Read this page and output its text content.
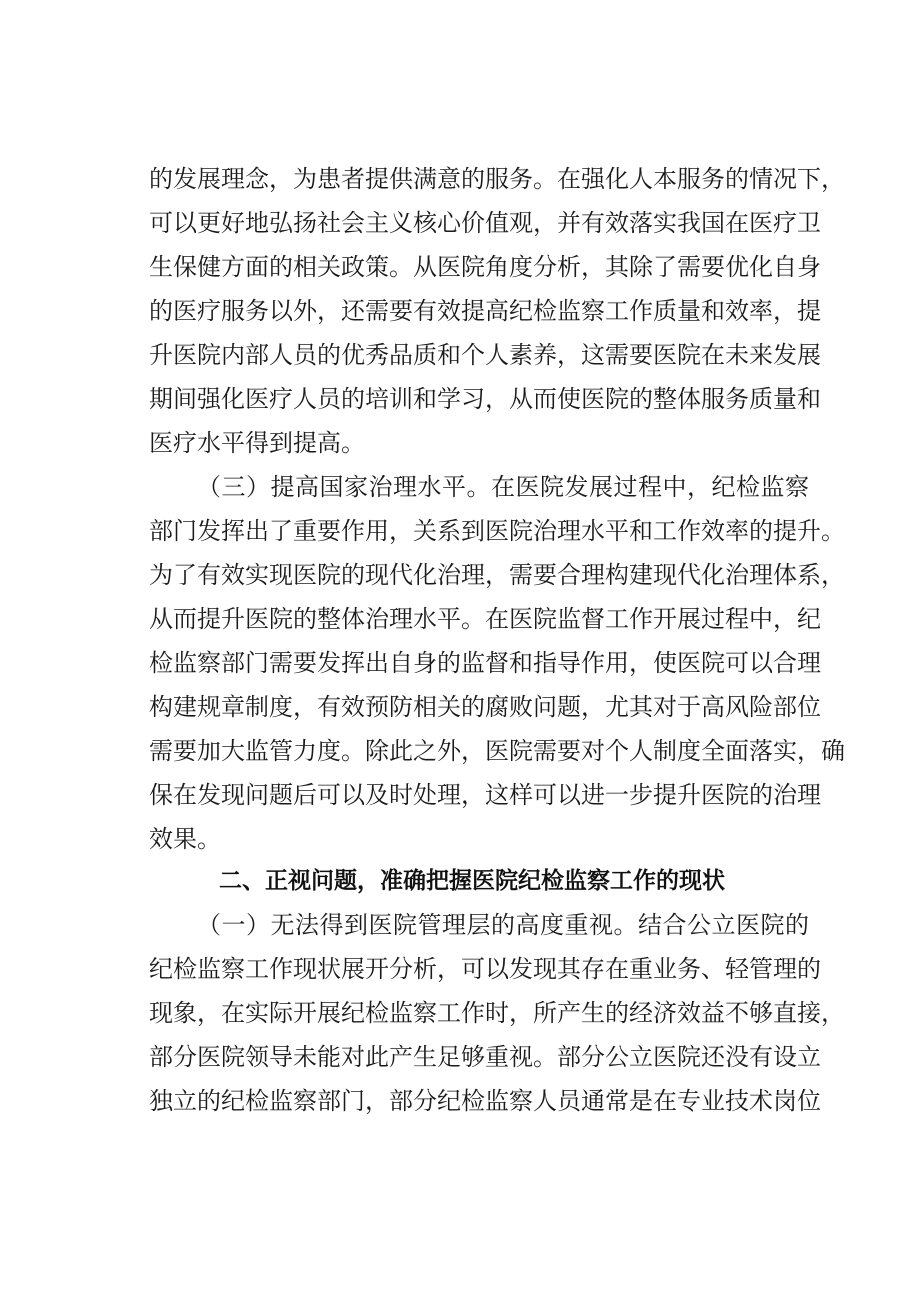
的发展理念，为患者提供满意的服务。在强化人本服务的情况下，
可以更好地弘扬社会主义核心价值观，并有效落实我国在医疗卫
生保健方面的相关政策。从医院角度分析，其除了需要优化自身
的医疗服务以外，还需要有效提高纪检监察工作质量和效率，提
升医院内部人员的优秀品质和个人素养，这需要医院在未来发展
期间强化医疗人员的培训和学习，从而使医院的整体服务质量和
医疗水平得到提高。
（三）提高国家治理水平。在医院发展过程中，纪检监察
部门发挥出了重要作用，关系到医院治理水平和工作效率的提升。
为了有效实现医院的现代化治理，需要合理构建现代化治理体系，
从而提升医院的整体治理水平。在医院监督工作开展过程中，纪
检监察部门需要发挥出自身的监督和指导作用，使医院可以合理
构建规章制度，有效预防相关的腐败问题，尤其对于高风险部位
需要加大监管力度。除此之外，医院需要对个人制度全面落实，确
保在发现问题后可以及时处理，这样可以进一步提升医院的治理
效果。
二、正视问题，准确把握医院纪检监察工作的现状
（一）无法得到医院管理层的高度重视。结合公立医院的
纪检监察工作现状展开分析，可以发现其存在重业务、轻管理的
现象，在实际开展纪检监察工作时，所产生的经济效益不够直接，
部分医院领导未能对此产生足够重视。部分公立医院还没有设立
独立的纪检监察部门，部分纪检监察人员通常是在专业技术岗位
